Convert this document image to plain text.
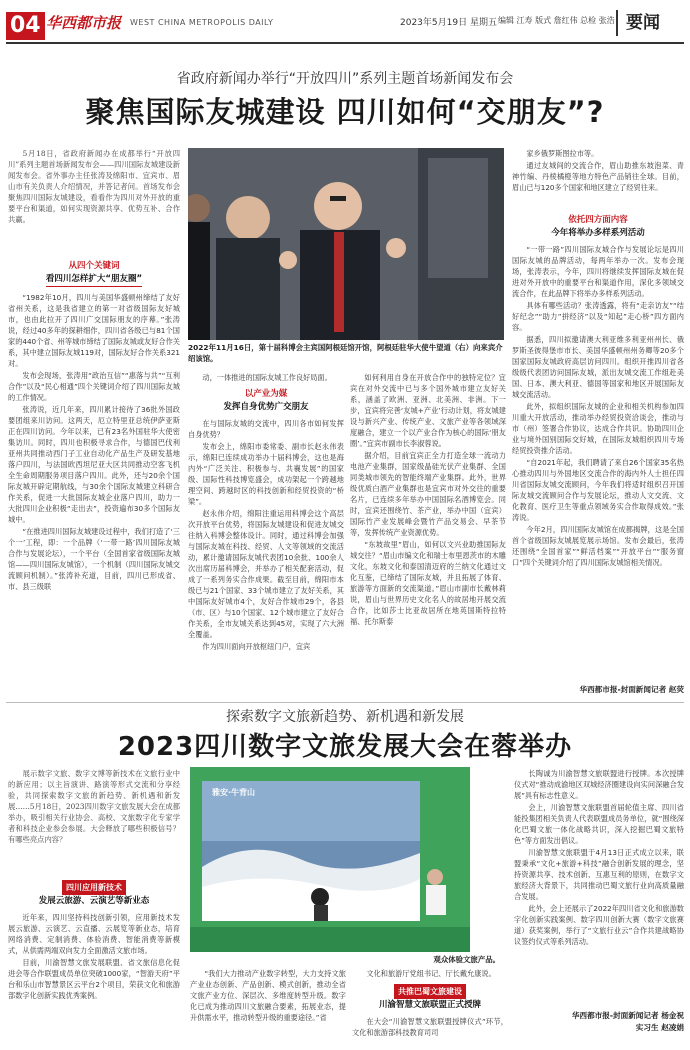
04 华西都市报 WEST CHINA METROPOLIS DAILY	2023年5月19日 星期五 编辑 江寿 版式 詹红伟 总检 张浩 要闻
省政府新闻办举行“开放四川”系列主题首场新闻发布会
聚焦国际友城建设 四川如何“交朋友”?

5月18日，省政府新闻办在成都举行“开放四川”系列主题首场新闻发布会——四川国际友城建设新闻发布会。省外事办主任张涛及绵阳市、宜宾市、眉山市有关负责人介绍情况，并答记者问。首场发布会聚焦四川国际友城建设，看看作为四川对外开放的重要平台和渠道，如何实现资源共享、优势互补、合作共赢。

从四个关键词
看四川怎样扩大“朋友圈”

“1982年10月，四川与美国华盛顿州缔结了友好省州关系，这是我省建立的第一对省级国际友好城市，也由此拉开了四川广交国际朋友的序幕。”张涛说，经过40多年的探耕细作，四川省各级已与81个国家的440个省、州等城市缔结了国际友城或友好合作关系，其中建立国际友城119对，国际友好合作关系321对。

发布会现场，张涛用“政治互信”“惠落与共”“互利合作”以及“民心相通”四个关键词介绍了四川国际友城的工作情况。

张涛说，近几年来，四川累计接待了36批外国政要团组来川访问。这两天，厄立特里亚总统伊萨亚斯正在四川访问。今年以来，已有23名外国驻华大使密集访川。同时，四川也积极寻求合作，与德国巴伐利亚州共同推动西门子工业自动化产品生产及研发基地落户四川，与法国欧西坦尼亚大区共同推动空客飞机全生命周期服务项目落户四川。此外，还与20余个国际友城开辟定期航线，与30余个国际友城建立科研合作关系，促进一大批国际友城企业落户四川，助力一大批四川企业积极“走出去”，投资遍布30多个国际友城中。

“在推进四川国际友城建设过程中，我们打造了‘三个一’工程，即：一个品牌（‘一带一路’四川国际友城合作与发展论坛），一个平台（全国首家省级国际友城馆——四川国际友城馆），一个机制（四川国际友城交流顾问机制）。”张涛补充道，目前，四川已形成省、市、县三级联

2022年11月16日，第十届科博会主宾国阿根廷馆开馆，阿根廷驻华大使牛望道（右）向来宾介绍该馆。

动，一体推进的国际友城工作良好局面。

以产业为媒
发挥自身优势广交朋友

在与国际友城的交流中，四川各市如何发挥自身优势？

发布会上，绵阳市委常委、副市长赵永伟表示，绵阳已连续成功举办十届科博会，这也是海内外“广泛关注、积极参与、共襄发展”的国家级、国际性科技博览盛会，成功架起一个跨越地理空间、跨越时区的科技创新和经贸投资的“桥梁”。

赵永伟介绍，绵阳注重运用科博会这个高层次开放平台优势，将国际友城建设和促进友城交往纳入科博会整体设计。同时，通过科博会加强与国际友城在科技、经贸、人文等领域的交流活动，累计邀请国际友城代表团10余批、100余人次出席历届科博会，并举办了相关配套活动，促成了一系列务实合作成果。截至目前，绵阳市本级已与21个国家、33个城市建立了友好关系，其中国际友好城市4个，友好合作城市29个，各县（市、区）与10个国家、12个城市建立了友好合作关系，全市友城关系达到45对，实现了六大洲全覆盖。

作为四川面向开放枢纽门户，宜宾

如何利用自身在开放合作中的独特定位？宜宾在对外交流中已与多个国外城市建立友好关系，涵盖了欧洲、亚洲、北美洲、非洲。下一步，宜宾将完善‘友城+产业’行动计划，将友城建设与新兴产业、传统产业、文旅产业等各领域深度融合，建立一个以产业合作为核心的国际‘朋友圈’。”宜宾市副市长李淑蓉说。

据介绍，目前宜宾正全力打造全球一流动力电池产业集群，国家级晶硅光伏产业集群、全国同类城市领先的智能终端产业集群。此外，世界级优质白酒产业集群也是宜宾市对外交往的重要名片，已连续多年举办中国国际名酒博览会。同时，宜宾还围绕竹、茶产业，举办中国（宜宾）国际竹产业发展峰会暨竹产品交易会、早茶节等，发挥传统产业资源优势。

“东坡故里”眉山，如何以文兴业助推国际友城交往？“眉山市编文化和瑞士布里恩茨市的木雕文化，东坡文化和泰国清迈府的兰纳文化通过文化互鉴，已缔结了国际友城，并且拓展了体育、旅游等方面新的交流渠道。”眉山市副市长戴林莉说，眉山与世界历史文化名人的故居地开展交流合作，比如莎士比亚故居所在地英国斯特拉特福、托尔斯泰

家乡俄罗斯图拉市等。

通过友城间的交流合作，眉山助推东坡泡菜、青神竹编、丹棱橘橙等地方特色产品销往全球。目前，眉山已与120多个国家和地区建立了经贸往来。

依托四方面内容
今年将举办多样系列活动

“一带一路”四川国际友城合作与发展论坛是四川国际友城的品牌活动，每两年举办一次。发布会现场，张涛表示，今年，四川将继续发挥国际友城在促进对外开放中的重要平台和渠道作用，深化多领域交流合作，在此品牌下将举办多样系列活动。

具体有哪些活动？张涛透露，将有“走亲访友”“结好纪念”“助力”拼经济”以及“知起”走心桥”四方面内容。

据悉，四川拟邀请澳大利亚维多利亚州州长、俄罗斯圣彼得堡市市长、美国华盛顿州州务卿等20多个国家国际友城政府高层访问四川。组织开推四川省各级级代表团访问国际友城，派出友城交流工作组赴美国、日本、澳大利亚、德国等国家和地区开展国际友城交流活动。

此外，拟组织国际友城的企业和相关机构参加四川重大开放活动，推动举办经贸投资洽谈会，推动与市（州）签署合作协议，达成合作共识。协助四川企业与境外国别国际交好城，在国际友城组织四川专场经贸投资推介活动。

“自2021年起，我们聘请了来自26个国家35名热心推动四川与外国地区交流合作的海内外人士担任四川省国际友城交流顾问，今年我们将适时组织召开国际友城交流顾问合作与发展论坛，推动人文交流、文化教育、医疗卫生等重点领域务实合作取得成效。”张涛说。

今年2月，四川国际友城馆在成都揭牌，这是全国首个省级国际友城展览展示场馆。发布会最后，张涛还围绕“全国首家”“鲜活档案”“开放平台”“服务窗口”四个关键词介绍了四川国际友城馆相关情况。

华西都市报-封面新闻记者 赵荧
探索数字文旅新趋势、新机遇和新发展
2023四川数字文旅发展大会在蓉举办

展示数字文旅、数字文博等新技术在文旅行业中的新应用；以主旨演讲、路演等形式交流和分享经验，共同探索数字文旅的新趋势、新机遇和新发展……5月18日，2023四川数字文旅发展大会在成都举办，吸引相关行业协会、高校、文旅数字化专家学者和科技企业参会参展。大会释放了哪些积极信号？有哪些亮点内容？

四川应用新技术
发展云旅游、云演艺等新业态

近年来，四川坚持科技创新引领，应用新技术发展云旅游、云演艺、云直播、云展览等新业态，培育网络消费、定制消费、体验消费、智能消费等新模式，从供需两端双向发力全面激活文旅市场。

目前，川渝智慧文旅发展联盟、省文旅信息化促进会等合作联盟成员单位突破1000家，“智游天府”平台和乐山市智慧景区云平台2个项目，荣获文化和旅游部数字化创新实践优秀案例。

雅安·牛背山
观众体验文旅产品。

“我们大力推动产业数字转型，大力支持文旅产业业态创新、产品创新、模式创新，推动全省文旅产业方位、深层次、多维度转型升级。数字化已成为推动四川文旅融合要素，拓展业态，提升供需水平，推动转型升级的重要途径。”省

文化和旅游厅党组书记、厅长戴允康说。

共推巴蜀文旅建设
川渝智慧文旅联盟正式授牌

在大会“川渝智慧文旅联盟授牌仪式”环节，文化和旅游部科技教育司司

长陶诚为川渝智慧文旅联盟进行授牌。本次授牌仪式对“推动成渝地区双城经济圈建设向实问深融合发展”具有标志性意义。

会上，川渝智慧文旅联盟首届轮值主席、四川省能投集团相关负责人代表联盟成员务单位，就“围绕深化巴蜀文旅一体化战略共识，深入挖掘巴蜀文旅特色”等方面发出倡议。

川渝智慧文旅联盟于4月13日正式成立以来，联盟秉承“文化+旅游+科技”融合创新发展的理念，坚持资源共享、技术创新、互惠互利的原则，在数字文旅经济大背景下，共同推动巴蜀文旅行业向高质量融合发展。

此外，会上还展示了2022年四川省文化和旅游数字化创新实践案例、数字四川创新大赛（数字文旅赛道）获奖案例，举行了“文旅行业云”合作共建战略协议签约仪式等系列活动。

华西都市报-封面新闻记者 杨金祝
实习生 赵凌娟
